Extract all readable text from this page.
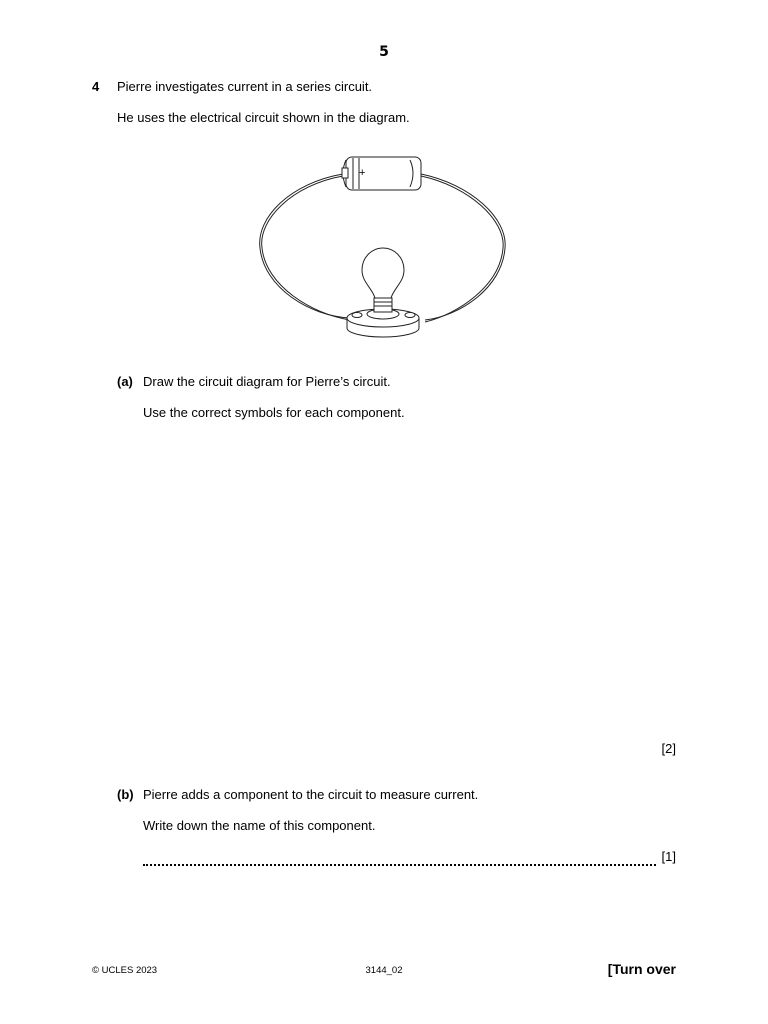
5
4 Pierre investigates current in a series circuit.
He uses the electrical circuit shown in the diagram.
+
(a) Draw the circuit diagram for Pierre’s circuit.
Use the correct symbols for each component.
[2]
(b) Pierre adds a component to the circuit to measure current.
Write down the name of this component.
[1]
© UCLES 2023	3144_02	[Turn over
